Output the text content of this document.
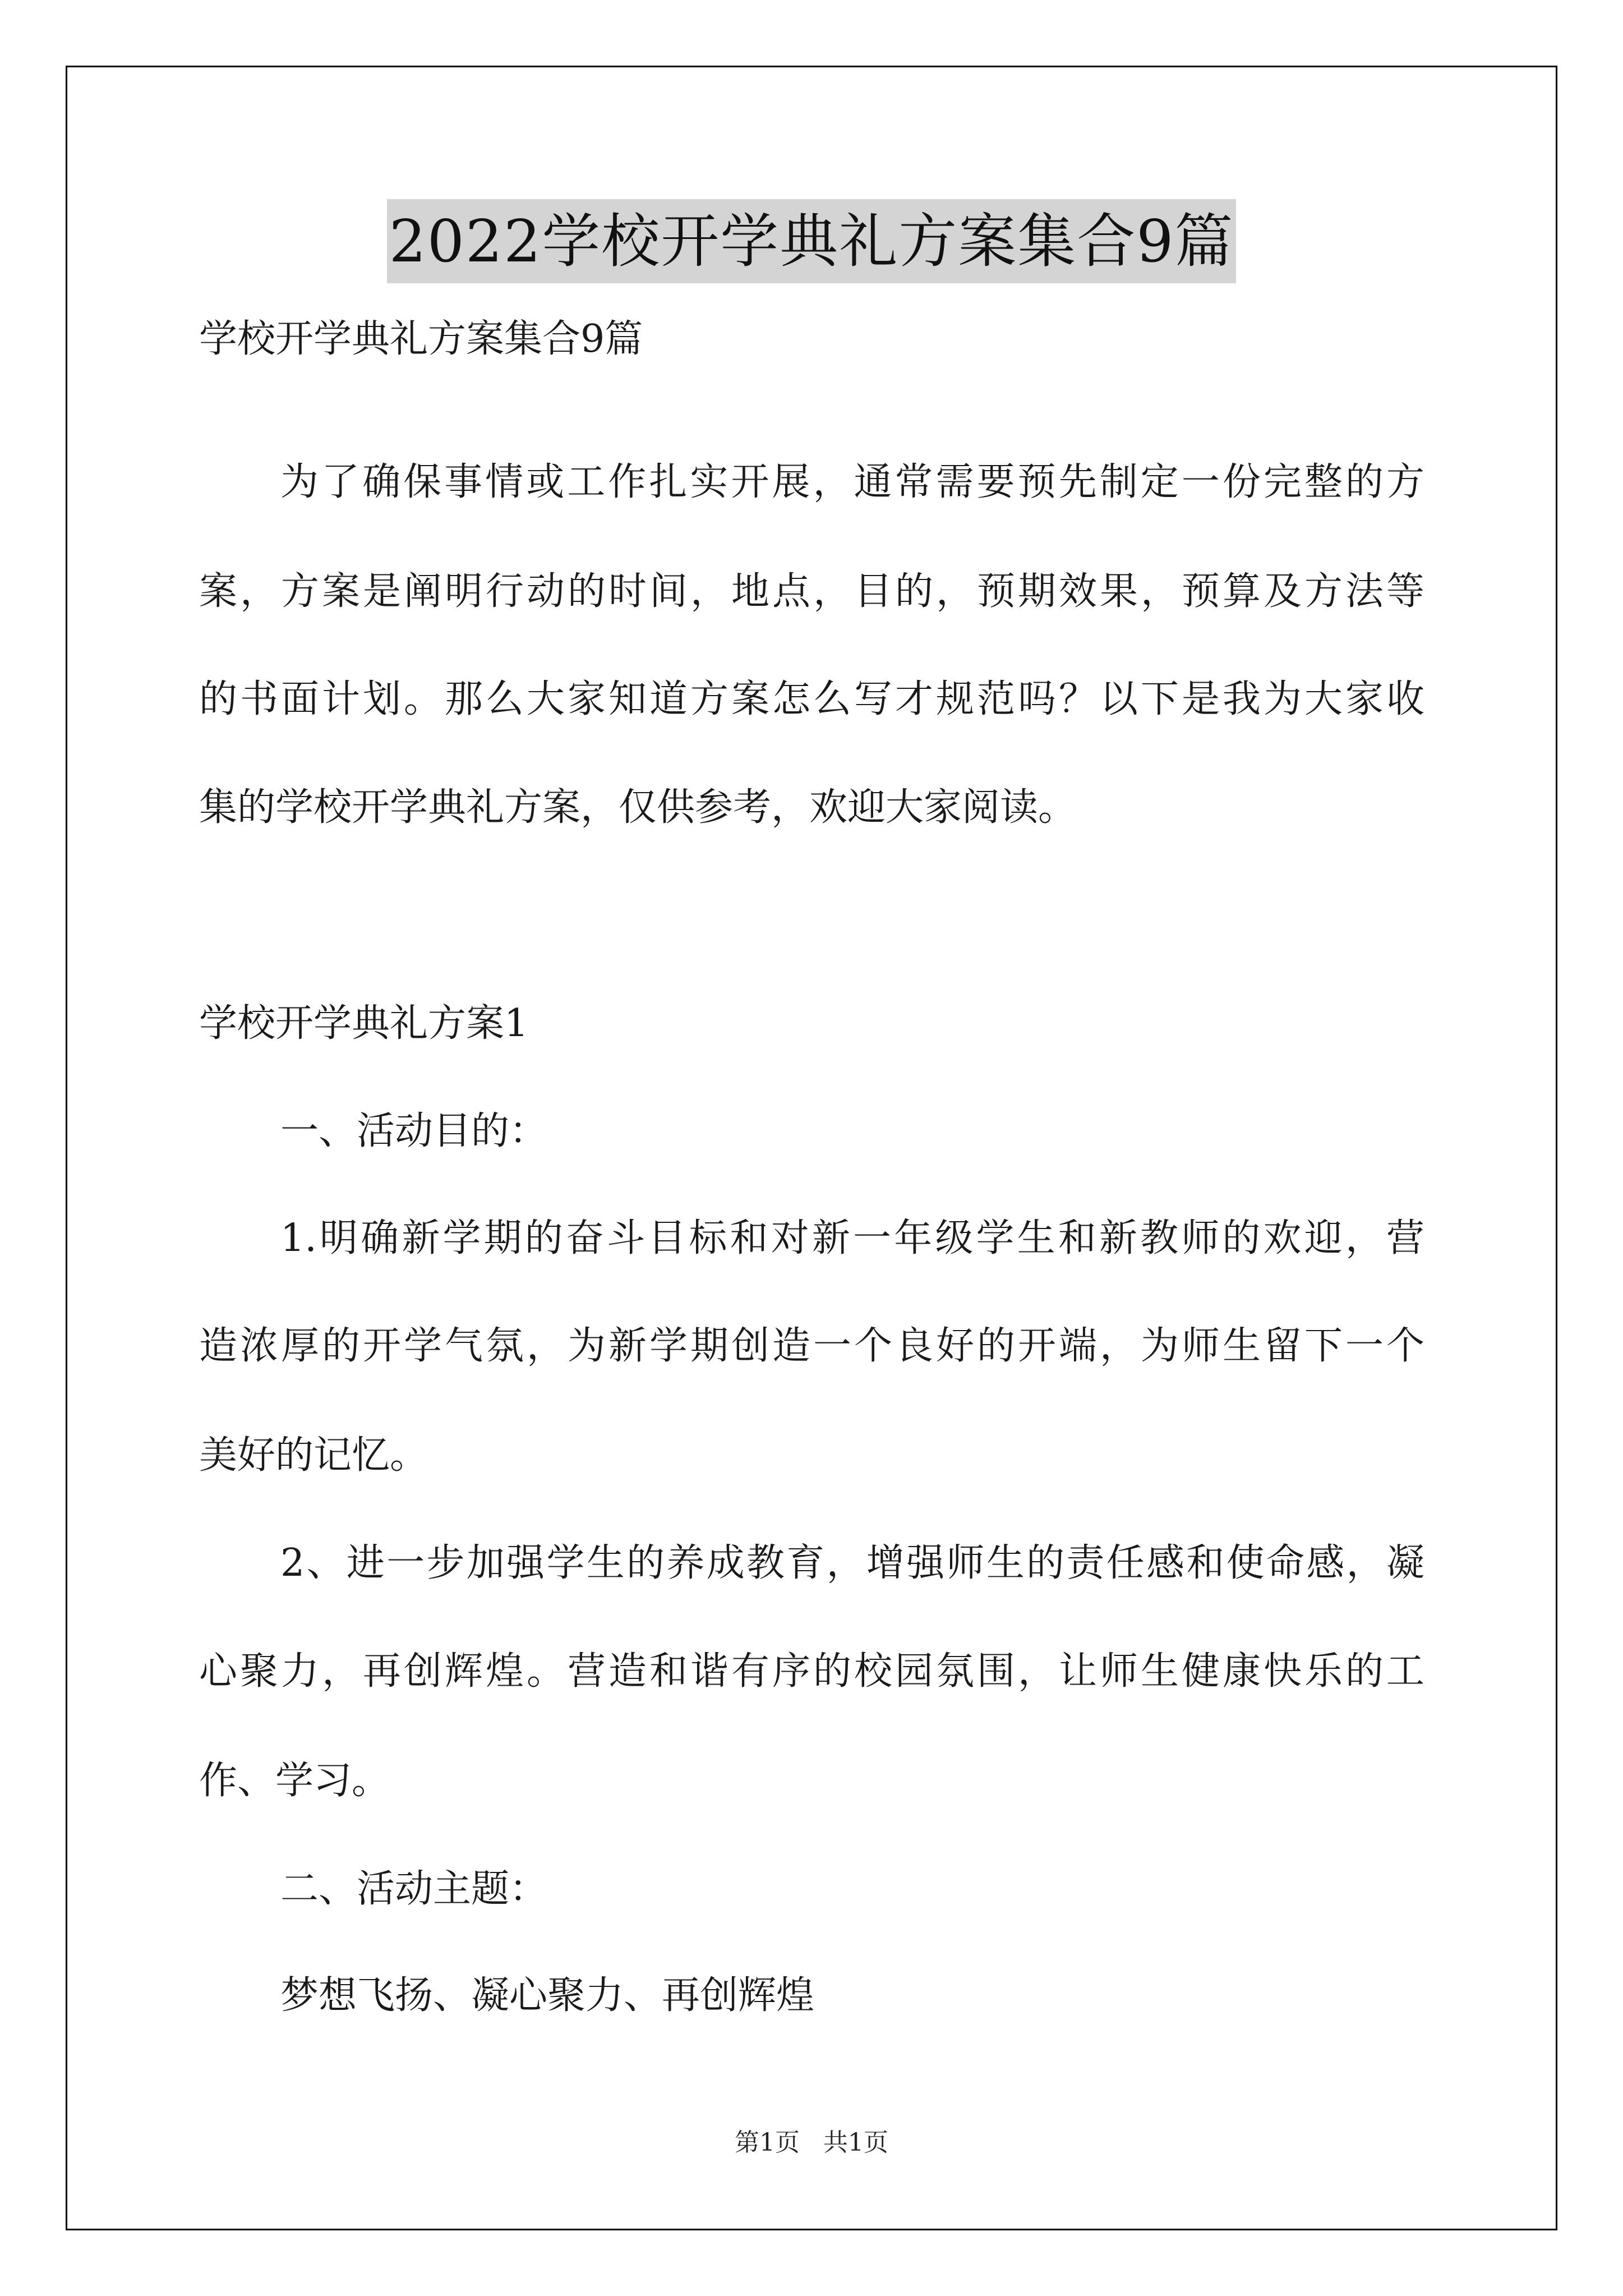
2022学校开学典礼方案集合9篇

学校开学典礼方案集合9篇

为了确保事情或工作扎实开展，通常需要预先制定一份完整的方

案，方案是阐明行动的时间，地点，目的，预期效果，预算及方法等

的书面计划。那么大家知道方案怎么写才规范吗？以下是我为大家收

集的学校开学典礼方案，仅供参考，欢迎大家阅读。

学校开学典礼方案1

一、活动目的：

1.明确新学期的奋斗目标和对新一年级学生和新教师的欢迎，营

造浓厚的开学气氛，为新学期创造一个良好的开端，为师生留下一个

美好的记忆。

2、进一步加强学生的养成教育，增强师生的责任感和使命感，凝

心聚力，再创辉煌。营造和谐有序的校园氛围，让师生健康快乐的工

作、学习。

二、活动主题：

梦想飞扬、凝心聚力、再创辉煌

第1页 共1页
